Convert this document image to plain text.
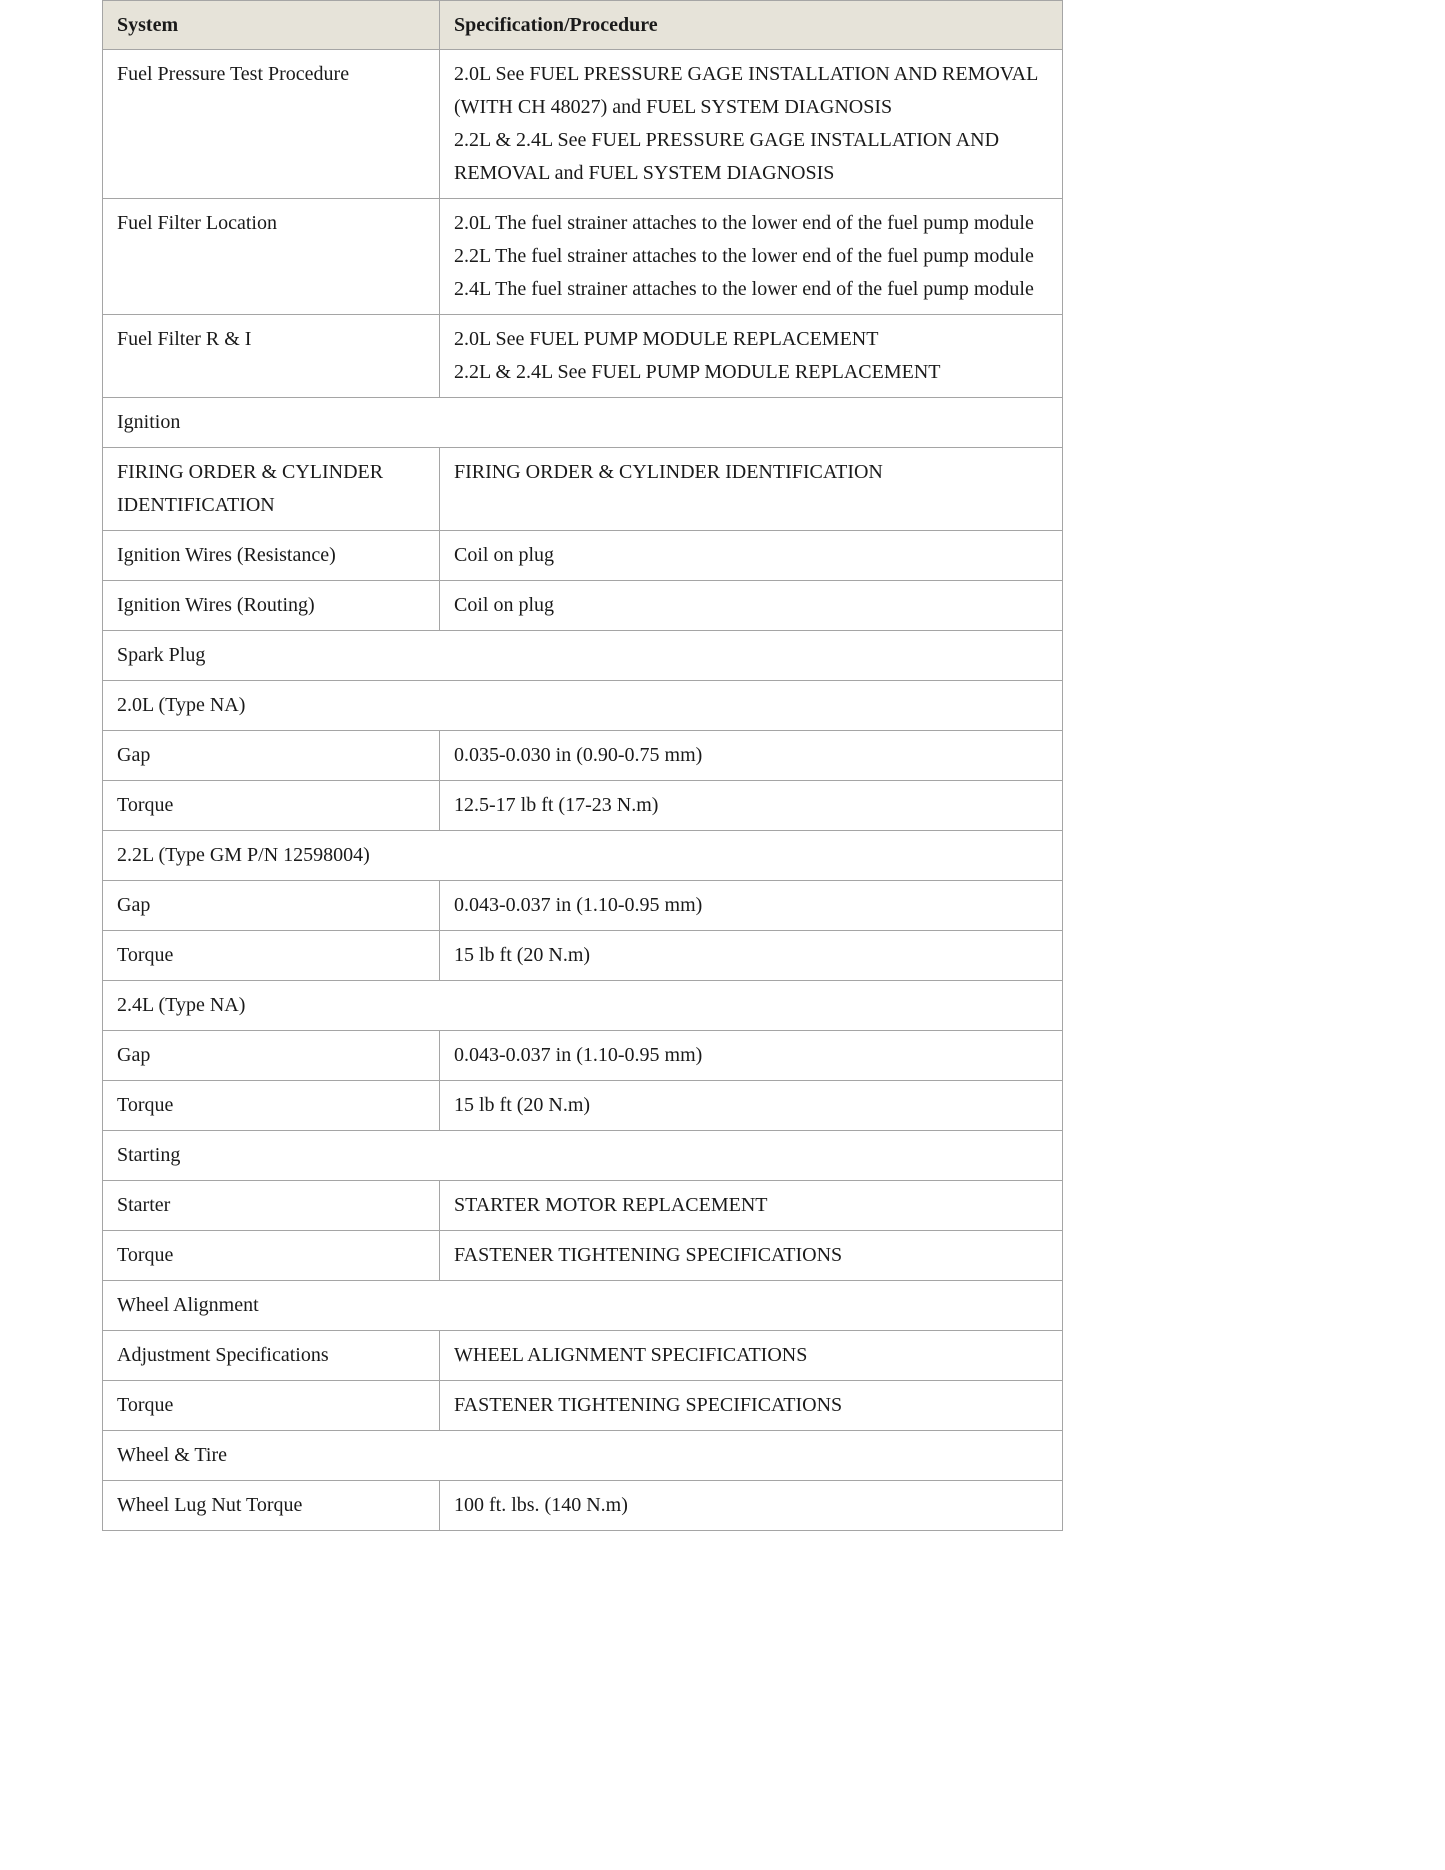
System	Specification/Procedure
Fuel Pressure Test Procedure	2.0L See FUEL PRESSURE GAGE INSTALLATION AND REMOVAL (WITH CH 48027) and FUEL SYSTEM DIAGNOSIS
2.2L & 2.4L See FUEL PRESSURE GAGE INSTALLATION AND REMOVAL and FUEL SYSTEM DIAGNOSIS

Fuel Filter Location	2.0L The fuel strainer attaches to the lower end of the fuel pump module
2.2L The fuel strainer attaches to the lower end of the fuel pump module
2.4L The fuel strainer attaches to the lower end of the fuel pump module

Fuel Filter R & I	2.0L See FUEL PUMP MODULE REPLACEMENT
2.2L & 2.4L See FUEL PUMP MODULE REPLACEMENT

Ignition	
FIRING ORDER & CYLINDER IDENTIFICATION	FIRING ORDER & CYLINDER IDENTIFICATION

Ignition Wires (Resistance)	Coil on plug

Ignition Wires (Routing)	Coil on plug

Spark Plug	
2.0L (Type NA)	
Gap	0.035-0.030 in (0.90-0.75 mm)

Torque	12.5-17 lb ft (17-23 N.m)

2.2L (Type GM P/N 12598004)	
Gap	0.043-0.037 in (1.10-0.95 mm)

Torque	15 lb ft (20 N.m)

2.4L (Type NA)	
Gap	0.043-0.037 in (1.10-0.95 mm)

Torque	15 lb ft (20 N.m)

Starting	
Starter	STARTER MOTOR REPLACEMENT

Torque	FASTENER TIGHTENING SPECIFICATIONS

Wheel Alignment	
Adjustment Specifications	WHEEL ALIGNMENT SPECIFICATIONS

Torque	FASTENER TIGHTENING SPECIFICATIONS

Wheel & Tire	
Wheel Lug Nut Torque	100 ft. lbs. (140 N.m)
